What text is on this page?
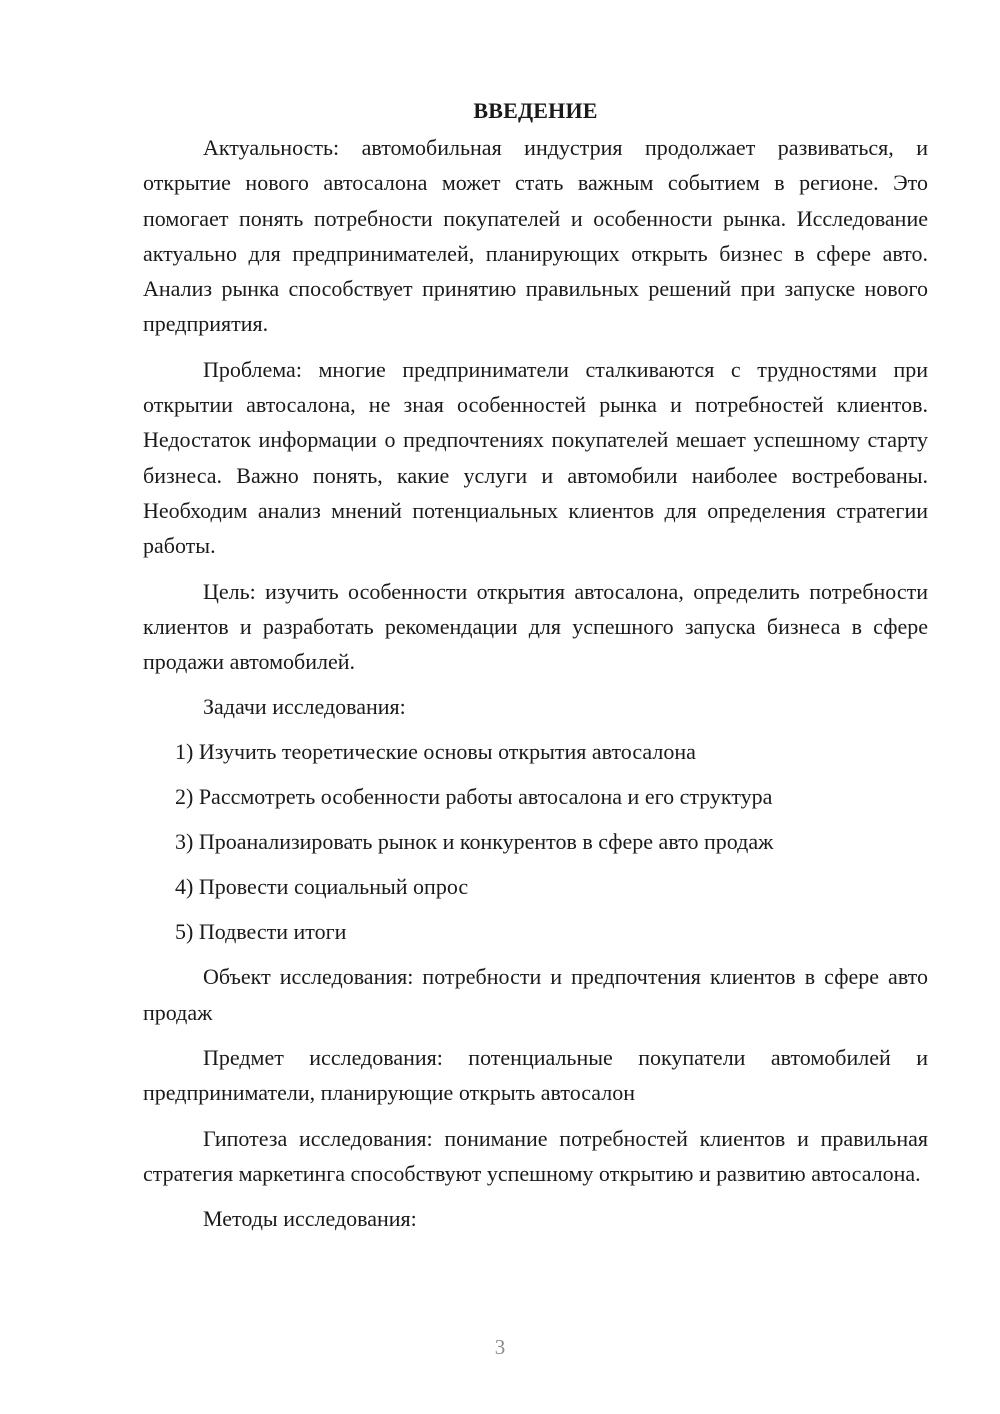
ВВЕДЕНИЕ

Актуальность: автомобильная индустрия продолжает развиваться, и открытие нового автосалона может стать важным событием в регионе. Это помогает понять потребности покупателей и особенности рынка. Исследование актуально для предпринимателей, планирующих открыть бизнес в сфере авто. Анализ рынка способствует принятию правильных решений при запуске нового предприятия.

Проблема: многие предприниматели сталкиваются с трудностями при открытии автосалона, не зная особенностей рынка и потребностей клиентов. Недостаток информации о предпочтениях покупателей мешает успешному старту бизнеса. Важно понять, какие услуги и автомобили наиболее востребованы. Необходим анализ мнений потенциальных клиентов для определения стратегии работы.

Цель: изучить особенности открытия автосалона, определить потребности клиентов и разработать рекомендации для успешного запуска бизнеса в сфере продажи автомобилей.

Задачи исследования:

1) Изучить теоретические основы открытия автосалона

2) Рассмотреть особенности работы автосалона и его структура

3) Проанализировать рынок и конкурентов в сфере авто продаж

4) Провести социальный опрос

5) Подвести итоги

Объект исследования: потребности и предпочтения клиентов в сфере авто продаж

Предмет исследования: потенциальные покупатели автомобилей и предприниматели, планирующие открыть автосалон

Гипотеза исследования: понимание потребностей клиентов и правильная стратегия маркетинга способствуют успешному открытию и развитию автосалона.

Методы исследования:

3
